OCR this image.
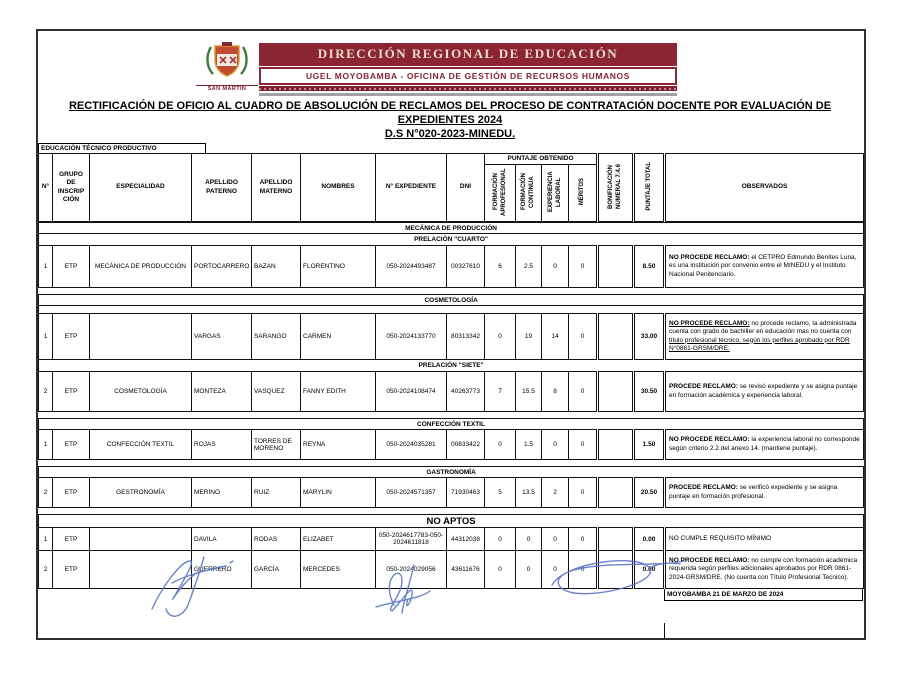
SAN MARTÍN
DIRECCIÓN REGIONAL DE EDUCACIÓN
UGEL MOYOBAMBA - OFICINA DE GESTIÓN DE RECURSOS HUMANOS
RECTIFICACIÓN DE OFICIO AL CUADRO DE ABSOLUCIÓN DE RECLAMOS DEL PROCESO DE CONTRATACIÓN DOCENTE POR EVALUACIÓN DE EXPEDIENTES 2024
D.S N°020-2023-MINEDU.
EDUCACIÓN TÉCNICO PRODUCTIVO
N°	GRUPO DE INSCRIP CIÓN	ESPECIALIDAD	APELLIDO PATERNO	APELLIDO MATERNO	NOMBRES	N° EXPEDIENTE	DNI	PUNTAJE OBTENIDO				BONIFICACIÓN NUMERAL 7.4.6	PUNTAJE TOTAL	OBSERVADOS
								FORMACIÓN APROFESIONAL	FORMACIÓN CONTINUA	EXPERIENCIA LABORAL	MÉRITOS			
MECÁNICA DE PRODUCCIÓN
PRELACIÓN "CUARTO"
1	ETP	MECÁNICA DE PRODUCCIÓN	PORTOCARRERO	BAZAN	FLORENTINO	050-2024493487	00327610	6	2.5	0	0		8.50	NO PROCEDE RECLAMO: el CETPRO Edmundo Benites Luna, es una institución por convenio entre el MINEDU y el Instituto Nacional Penitenciario.
COSMETOLOGÍA														

1	ETP		VARGAS	SARANGO	CARMEN	050-2024133770	80313342	0	19	14	0		33.00	NO PROCEDE RECLAMO: no procede reclamo, la administrada cuenta con grado de bachiller en educación mas no cuenta con título profesional técnico, según los perfiles aprobado por RDR N°0861-GRSM/DRE.
PRELACIÓN "SIETE"														
2	ETP	COSMETOLOGÍA	MONTEZA	VASQUEZ	FANNY EDITH	050-2024108474	40263773	7	15.5	8	0		30.50	PROCEDE RECLAMO: se revisó expediente y se asigna puntaje en formación académica y experiencia laboral.
CONFECCIÓN TEXTIL
1	ETP	CONFECCIÓN TEXTIL	ROJAS	TORRES DE MORENO	REYNA	050-2024035281	00833422	0	1.5	0	0		1.50	NO PROCEDE RECLAMO: la experiencia laboral no corresponde según criterio 2.2 del anexo 14. (mantiene puntaje).
GASTRONOMÍA
2	ETP	GESTRONOMÍA	MERINO	RUIZ	MARYLIN	050-2024571357	71930463	5	13.5	2	0		20.50	PROCEDE RECLAMO: se verificó expediente y se asigna puntaje en formación profesional.
NO APTOS														
1	ETP		DAVILA	RODAS	ELIZABET	050-2024617783-050-2024611818	44312038	0	0	0	0		0.00	NO CUMPLE REQUISITO MÍNIMO
2	ETP		GUERRERO	GARCÍA	MERCEDES	050-2024029056	43611676	0	0	0	0		0.00	NO PROCEDE RECLAMO: no cumple con formación académica requerida según perfiles adicionales aprobados por RDR 0861-2024-GRSM/DRE. (No cuenta con Título Profesional Tecnico).
MOYOBAMBA 21 DE MARZO DE 2024
